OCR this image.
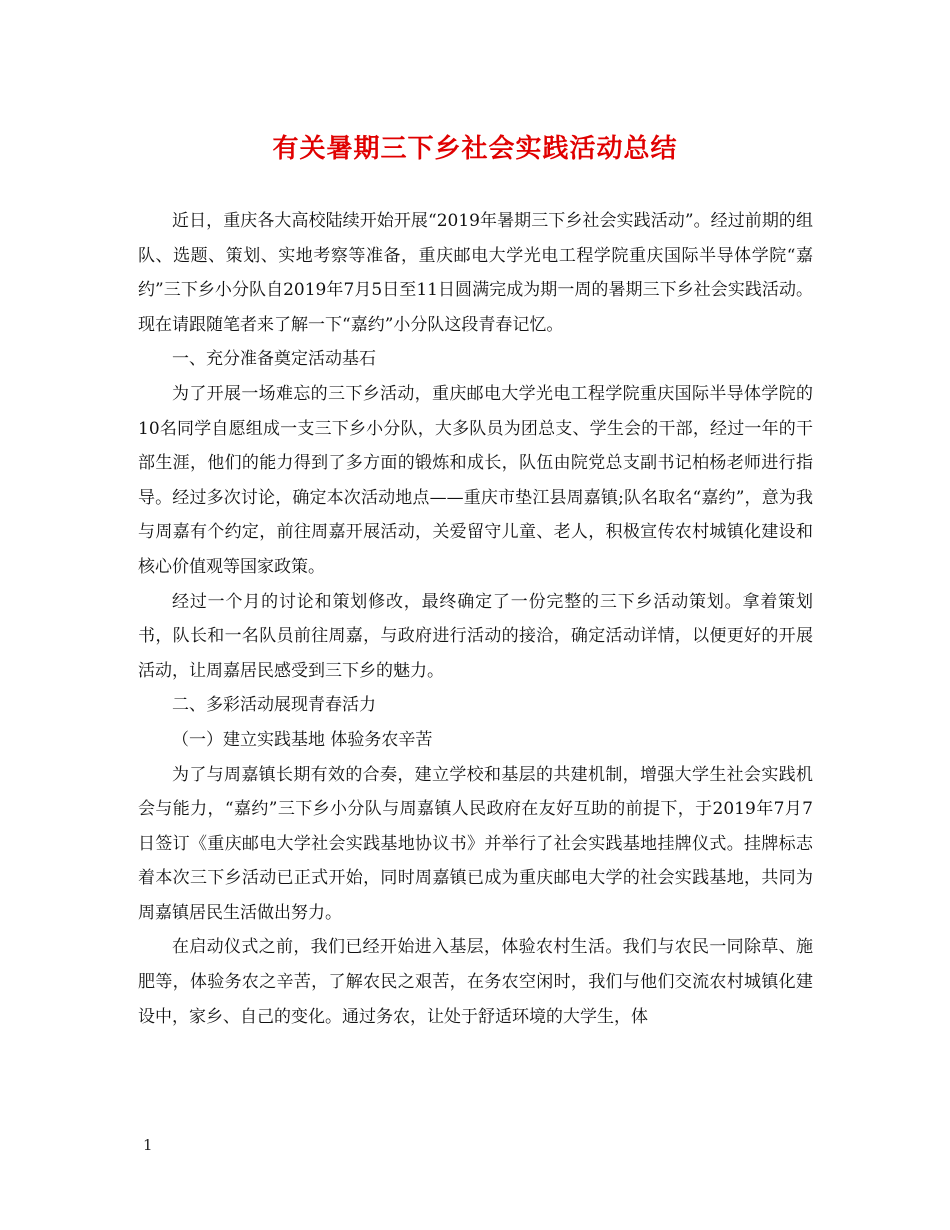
有关暑期三下乡社会实践活动总结

近日，重庆各大高校陆续开始开展“2019年暑期三下乡社会实践活动”。经过前期的组队、选题、策划、实地考察等准备，重庆邮电大学光电工程学院重庆国际半导体学院“嘉约”三下乡小分队自2019年7月5日至11日圆满完成为期一周的暑期三下乡社会实践活动。现在请跟随笔者来了解一下“嘉约”小分队这段青春记忆。

一、充分准备奠定活动基石

为了开展一场难忘的三下乡活动，重庆邮电大学光电工程学院重庆国际半导体学院的10名同学自愿组成一支三下乡小分队，大多队员为团总支、学生会的干部，经过一年的干部生涯，他们的能力得到了多方面的锻炼和成长，队伍由院党总支副书记柏杨老师进行指导。经过多次讨论，确定本次活动地点——重庆市垫江县周嘉镇;队名取名“嘉约”，意为我与周嘉有个约定，前往周嘉开展活动，关爱留守儿童、老人，积极宣传农村城镇化建设和核心价值观等国家政策。

经过一个月的讨论和策划修改，最终确定了一份完整的三下乡活动策划。拿着策划书，队长和一名队员前往周嘉，与政府进行活动的接洽，确定活动详情，以便更好的开展活动，让周嘉居民感受到三下乡的魅力。

二、多彩活动展现青春活力

（一）建立实践基地 体验务农辛苦

为了与周嘉镇长期有效的合奏，建立学校和基层的共建机制，增强大学生社会实践机会与能力，“嘉约”三下乡小分队与周嘉镇人民政府在友好互助的前提下，于2019年7月7日签订《重庆邮电大学社会实践基地协议书》并举行了社会实践基地挂牌仪式。挂牌标志着本次三下乡活动已正式开始，同时周嘉镇已成为重庆邮电大学的社会实践基地，共同为周嘉镇居民生活做出努力。

在启动仪式之前，我们已经开始进入基层，体验农村生活。我们与农民一同除草、施肥等，体验务农之辛苦，了解农民之艰苦，在务农空闲时，我们与他们交流农村城镇化建设中，家乡、自己的变化。通过务农，让处于舒适环境的大学生，体

1
